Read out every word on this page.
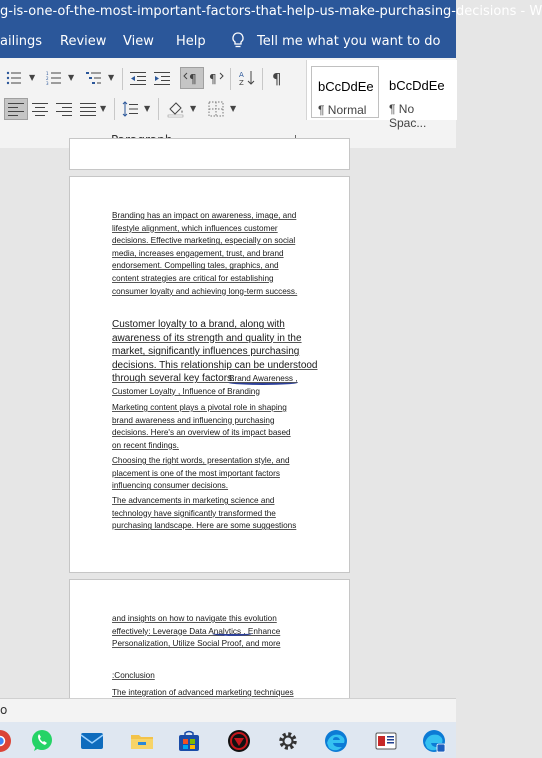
g-is-one-of-the-most-important-factors-that-help-us-make-purchasing-decisions - W
ailings Review View Help	Tell me what you want to do
▼	1
2
3
▼	▼	¶ ¶	A
Z ¶
▼	▼	▼	▼
bCcDdEe
¶ Normal
bCcDdEe
¶ No Spac...
Branding has an impact on awareness, image, and
lifestyle alignment, which influences customer
decisions. Effective marketing, especially on social
media, increases engagement, trust, and brand
endorsement. Compelling tales, graphics, and
content strategies are critical for establishing
consumer loyalty and achieving long-term success.
Customer loyalty to a brand, along with
awareness of its strength and quality in the
market, significantly influences purchasing
decisions. This relationship can be understood
through several key factors:
Brand Awareness ,
Customer Loyalty , Influence of Branding
Marketing content plays a pivotal role in shaping
brand awareness and influencing purchasing
decisions. Here's an overview of its impact based
on recent findings.
Choosing the right words, presentation style, and
placement is one of the most important factors
influencing consumer decisions.
The advancements in marketing science and
technology have significantly transformed the
purchasing landscape. Here are some suggestions
and insights on how to navigate this evolution
effectively: Leverage Data Analytics , Enhance
Personalization, Utilize Social Proof, and more
:Conclusion
The integration of advanced marketing techniques
o
